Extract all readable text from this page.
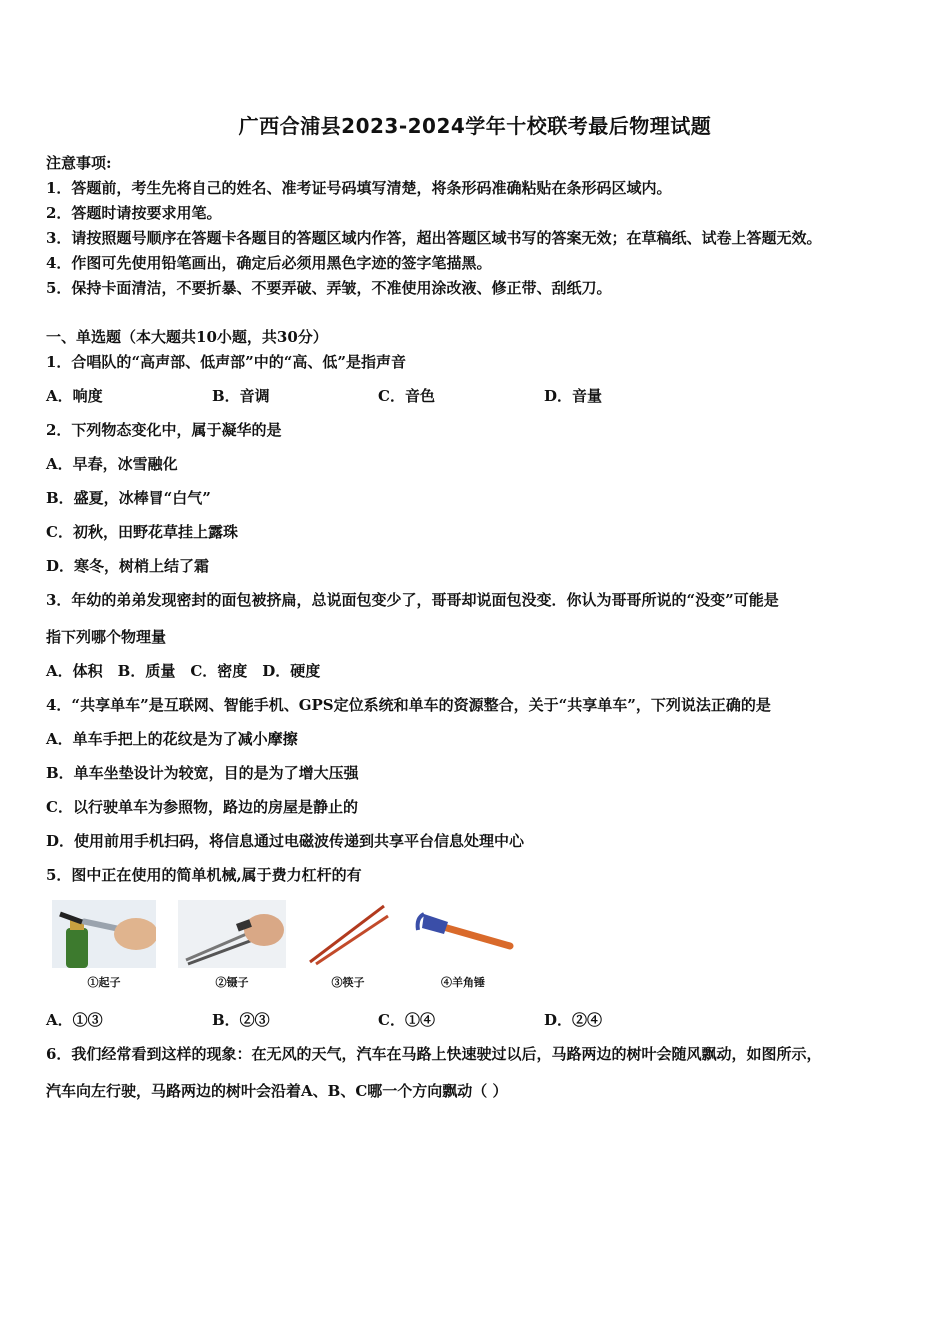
广西合浦县2023-2024学年十校联考最后物理试题
注意事项:
1．答题前，考生先将自己的姓名、准考证号码填写清楚，将条形码准确粘贴在条形码区域内。
2．答题时请按要求用笔。
3．请按照题号顺序在答题卡各题目的答题区域内作答，超出答题区域书写的答案无效；在草稿纸、试卷上答题无效。
4．作图可先使用铅笔画出，确定后必须用黑色字迹的签字笔描黑。
5．保持卡面清洁，不要折暴、不要弄破、弄皱，不准使用涂改液、修正带、刮纸刀。
一、单选题（本大题共10小题，共30分）
1．合唱队的“高声部、低声部”中的“高、低”是指声音
A．响度	B．音调	C．音色	D．音量
2．下列物态变化中，属于凝华的是
A．早春，冰雪融化
B．盛夏，冰棒冒“白气”
C．初秋，田野花草挂上露珠
D．寒冬，树梢上结了霜
3．年幼的弟弟发现密封的面包被挤扁，总说面包变少了，哥哥却说面包没变．你认为哥哥所说的“没变”可能是
指下列哪个物理量
A．体积　B．质量　C．密度　D．硬度
4．“共享单车”是互联网、智能手机、GPS定位系统和单车的资源整合，关于“共享单车”，下列说法正确的是
A．单车手把上的花纹是为了减小摩擦
B．单车坐垫设计为较宽，目的是为了增大压强
C．以行驶单车为参照物，路边的房屋是静止的
D．使用前用手机扫码，将信息通过电磁波传递到共享平台信息处理中心
5．图中正在使用的简单机械,属于费力杠杆的有
①起子	②镊子	③筷子	④羊角锤
A．①③	B．②③	C．①④	D．②④
6．我们经常看到这样的现象：在无风的天气，汽车在马路上快速驶过以后，马路两边的树叶会随风飘动，如图所示，
汽车向左行驶，马路两边的树叶会沿着A、B、C哪一个方向飘动（ ）
